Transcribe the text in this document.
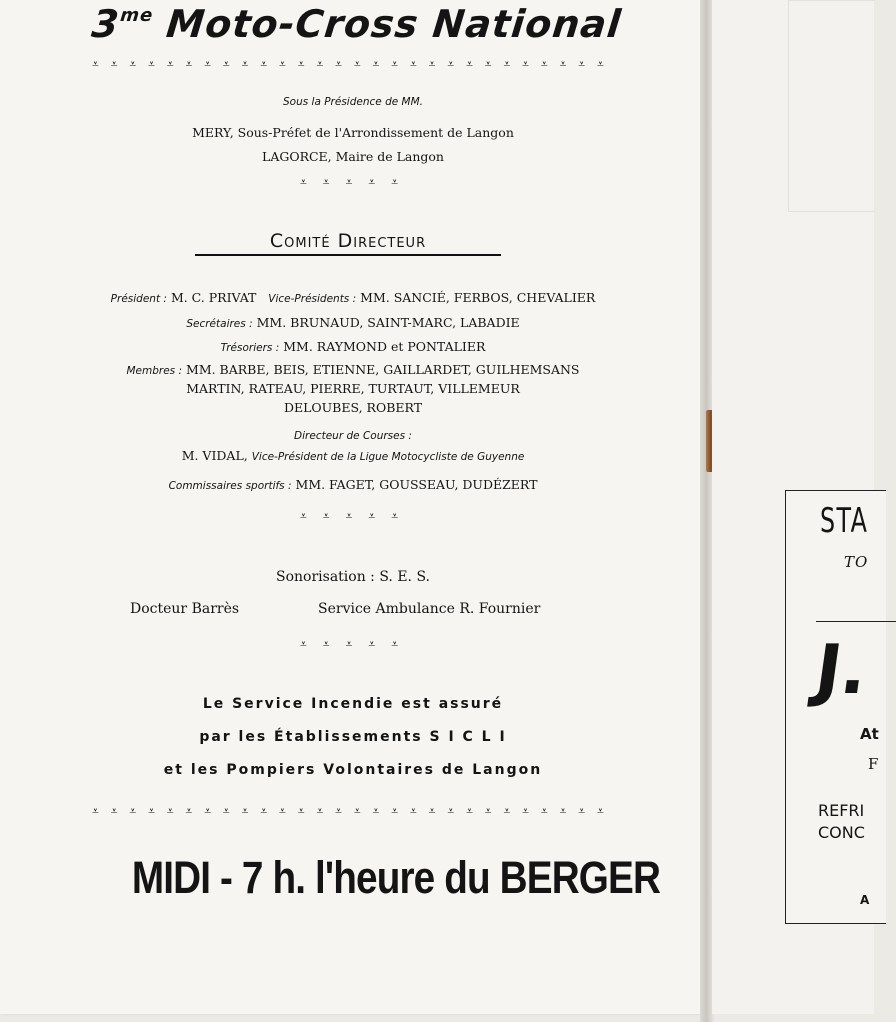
$3^{me}$ Moto-Cross National
⩡ ⩡ ⩡ ⩡ ⩡ ⩡ ⩡ ⩡ ⩡ ⩡ ⩡ ⩡ ⩡ ⩡ ⩡ ⩡ ⩡ ⩡ ⩡ ⩡ ⩡ ⩡ ⩡ ⩡ ⩡ ⩡ ⩡ ⩡
Sous la Présidence de MM.
MERY, Sous-Préfet de l'Arrondissement de Langon
LAGORCE, Maire de Langon
⩡ ⩡ ⩡ ⩡ ⩡
Comité Directeur
Président : M. C. PRIVAT Vice-Présidents : MM. SANCIÉ, FERBOS, CHEVALIER
Secrétaires : MM. BRUNAUD, SAINT-MARC, LABADIE
Trésoriers : MM. RAYMOND et PONTALIER
Membres : MM. BARBE, BEIS, ETIENNE, GAILLARDET, GUILHEMSANS
MARTIN, RATEAU, PIERRE, TURTAUT, VILLEMEUR
DELOUBES, ROBERT
Directeur de Courses :
M. VIDAL, Vice-Président de la Ligue Motocycliste de Guyenne
Commissaires sportifs : MM. FAGET, GOUSSEAU, DUDÉZERT
⩡ ⩡ ⩡ ⩡ ⩡
Sonorisation : S. E. S.
Docteur Barrès	Service Ambulance R. Fournier
⩡ ⩡ ⩡ ⩡ ⩡
Le Service Incendie est assuré
par les Établissements S I C L I
et les Pompiers Volontaires de Langon
⩡ ⩡ ⩡ ⩡ ⩡ ⩡ ⩡ ⩡ ⩡ ⩡ ⩡ ⩡ ⩡ ⩡ ⩡ ⩡ ⩡ ⩡ ⩡ ⩡ ⩡ ⩡ ⩡ ⩡ ⩡ ⩡ ⩡ ⩡
MIDI - 7 h. l'heure du BERGER
STA
TO
J.
At
F
REFRI
CONC
A
